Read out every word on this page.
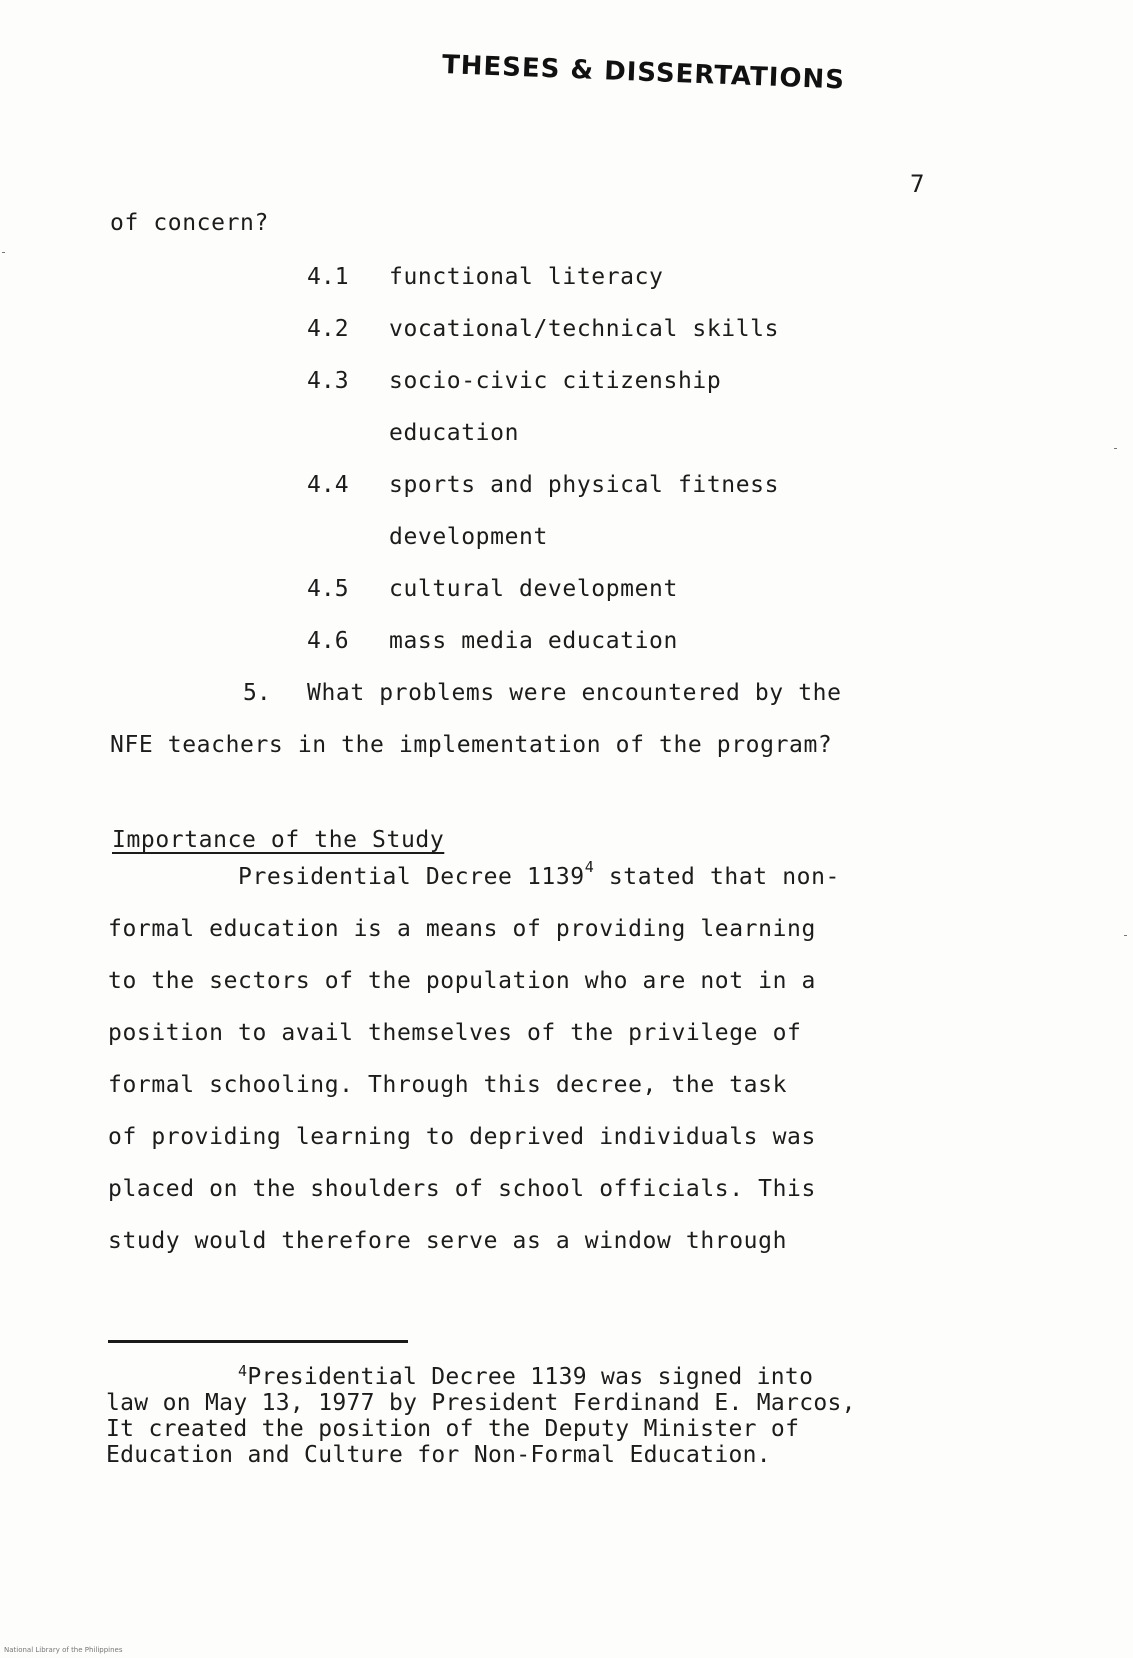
THESES & DISSERTATIONS
7
of concern?
4.1 functional literacy
4.2 vocational/technical skills
4.3 socio-civic citizenship
education
4.4 sports and physical fitness
development
4.5 cultural development
4.6 mass media education
5. What problems were encountered by the
NFE teachers in the implementation of the program?
Importance of the Study
Presidential Decree 1139$^4$ stated that non-
formal education is a means of providing learning
to the sectors of the population who are not in a
position to avail themselves of the privilege of
formal schooling. Through this decree, the task
of providing learning to deprived individuals was
placed on the shoulders of school officials. This
study would therefore serve as a window through
$^4$Presidential Decree 1139 was signed into
law on May 13, 1977 by President Ferdinand E. Marcos,
It created the position of the Deputy Minister of
Education and Culture for Non-Formal Education.
National Library of the Philippines
